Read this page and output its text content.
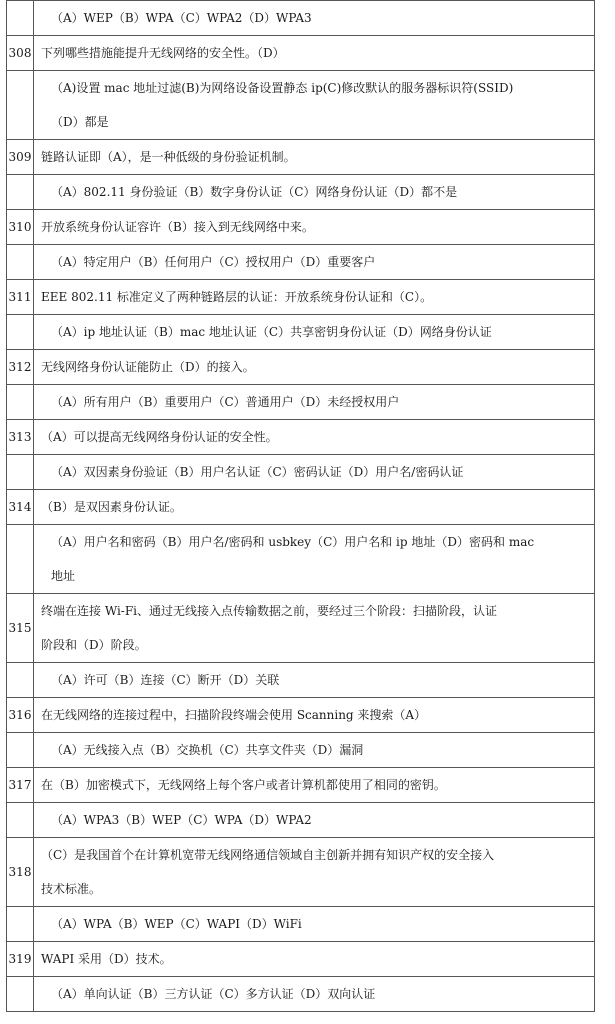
	（A）WEP（B）WPA（C）WPA2（D）WPA3

308	下列哪些措施能提升无线网络的安全性。（D）

	（A)设置 mac 地址过滤(B)为网络设备设置静态 ip(C)修改默认的服务器标识符(SSID)
（D）都是

309	链路认证即（A），是一种低级的身份验证机制。

	（A）802.11 身份验证（B）数字身份认证（C）网络身份认证（D）都不是

310	开放系统身份认证容许（B）接入到无线网络中来。

	（A）特定用户（B）任何用户（C）授权用户（D）重要客户

311	EEE 802.11 标准定义了两种链路层的认证：开放系统身份认证和（C）。

	（A）ip 地址认证（B）mac 地址认证（C）共享密钥身份认证（D）网络身份认证

312	无线网络身份认证能防止（D）的接入。

	（A）所有用户（B）重要用户（C）普通用户（D）未经授权用户

313	（A）可以提高无线网络身份认证的安全性。

	（A）双因素身份验证（B）用户名认证（C）密码认证（D）用户名/密码认证

314	（B）是双因素身份认证。

	（A）用户名和密码（B）用户名/密码和 usbkey（C）用户名和 ip 地址（D）密码和 mac
地址

315	终端在连接 Wi-Fi、通过无线接入点传输数据之前，要经过三个阶段：扫描阶段，认证
阶段和（D）阶段。

	（A）许可（B）连接（C）断开（D）关联

316	在无线网络的连接过程中，扫描阶段终端会使用 Scanning 来搜索（A）

	（A）无线接入点（B）交换机（C）共享文件夹（D）漏洞

317	在（B）加密模式下，无线网络上每个客户或者计算机都使用了相同的密钥。

	（A）WPA3（B）WEP（C）WPA（D）WPA2

318	（C）是我国首个在计算机宽带无线网络通信领域自主创新并拥有知识产权的安全接入
技术标准。

	（A）WPA（B）WEP（C）WAPI（D）WiFi

319	WAPI 采用（D）技术。

	（A）单向认证（B）三方认证（C）多方认证（D）双向认证
